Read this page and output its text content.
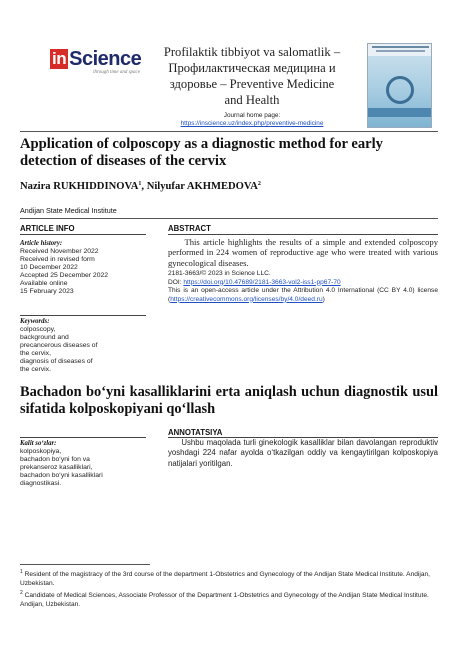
in Science
through time and space
Profilaktik tibbiyot va salomatlik –
Профилактическая медицина и
здоровье – Preventive Medicine
and Health
Journal home page:
https://inscience.uz/index.php/preventive-medicine
Application of colposcopy as a diagnostic method for early detection of diseases of the cervix
Nazira RUKHIDDINOVA$^1$, Nilyufar AKHMEDOVA$^2$
Andijan State Medical Institute
ARTICLE INFO
Article history:
Received November 2022
Received in revised form
10 December 2022
Accepted 25 December 2022
Available online
15 February 2023
Keywords:
colposcopy,
background and
precancerous diseases of
the cervix,
diagnosis of diseases of
the cervix.
ABSTRACT
This article highlights the results of a simple and extended colposcopy performed in 224 women of reproductive age who were treated with various gynecological diseases.
2181-3663/© 2023 in Science LLC.
DOI: https://doi.org/10.47689/2181-3663-vol2-iss1-pp67-70
This is an open-access article under the Attribution 4.0 International (CC BY 4.0) license (https://creativecommons.org/licenses/by/4.0/deed.ru)
Bachadon bo‘yni kasalliklarini erta aniqlash uchun diagnostik usul sifatida kolposkopiyani qo‘llash
ANNOTATSIYA
Ushbu maqolada turli ginekologik kasalliklar bilan davolangan reproduktiv yoshdagi 224 nafar ayolda o‘tkazilgan oddiy va kengaytirilgan kolposkopiya natijalari yoritilgan.
Kalit so‘zlar:
kolposkopiya,
bachadon bo‘yni fon va
prekanseroz kasalliklari,
bachadon bo‘yni kasalliklari
diagnostikasi.
$^1$ Resident of the magistracy of the 3rd course of the department 1-Obstetrics and Gynecology of the Andijan State Medical Institute. Andijan, Uzbekistan.
$^2$ Candidate of Medical Sciences, Associate Professor of the Department 1-Obstetrics and Gynecology of the Andijan State Medical Institute. Andijan, Uzbekistan.
